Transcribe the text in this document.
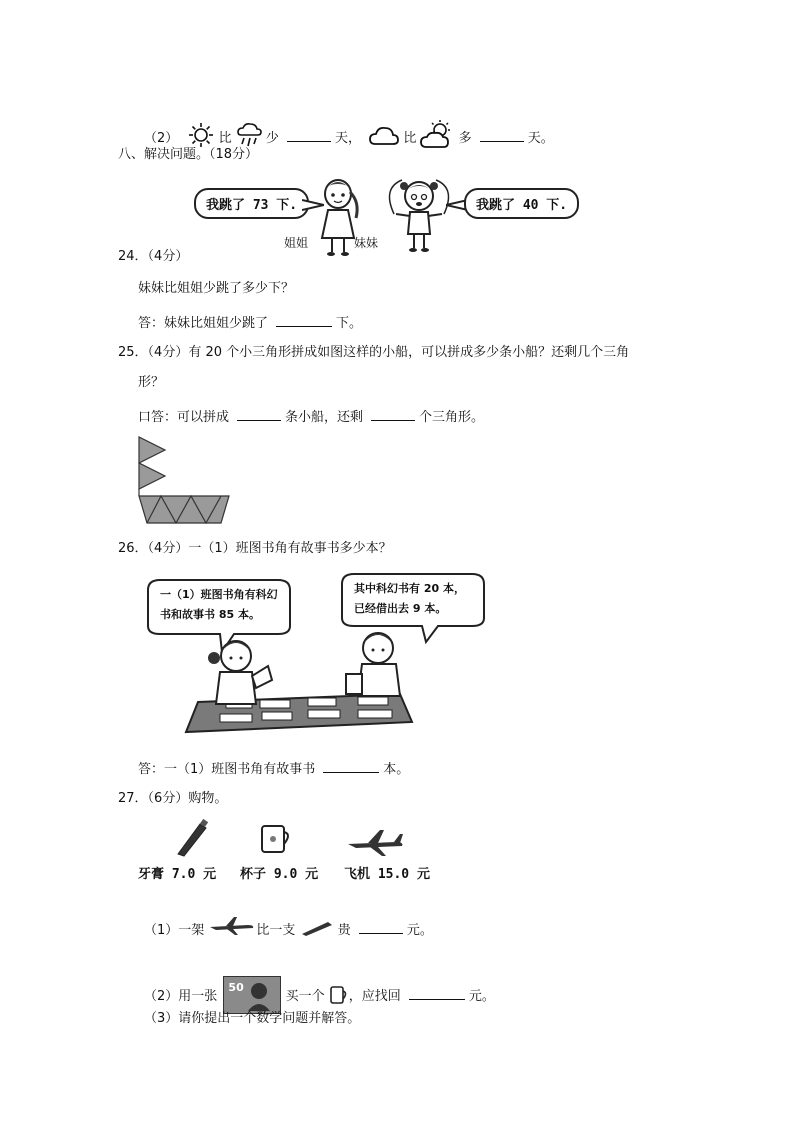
（2）	比	少	天，	比	多	天。
八、解决问题。（18分）
我跳了 73 下.
姐姐	妹妹
我跳了 40 下.
24．（4分）
妹妹比姐姐少跳了多少下？
答：妹妹比姐姐少跳了	下。
25．（4分）有 20 个小三角形拼成如图这样的小船，可以拼成多少条小船？还剩几个三角
形？
口答：可以拼成	条小船，还剩	个三角形。
26．（4分）一（1）班图书角有故事书多少本？
一（1）班图书角有科幻
书和故事书 85 本。
其中科幻书有 20 本，
已经借出去 9 本。
答：一（1）班图书角有故事书	本。
27．（6分）购物。
牙膏 7.0 元 杯子 9.0 元 飞机 15.0 元
（1）一架	比一支	贵	元。
（2）用一张
50
买一个 ，应找回	元。
（3）请你提出一个数学问题并解答。
